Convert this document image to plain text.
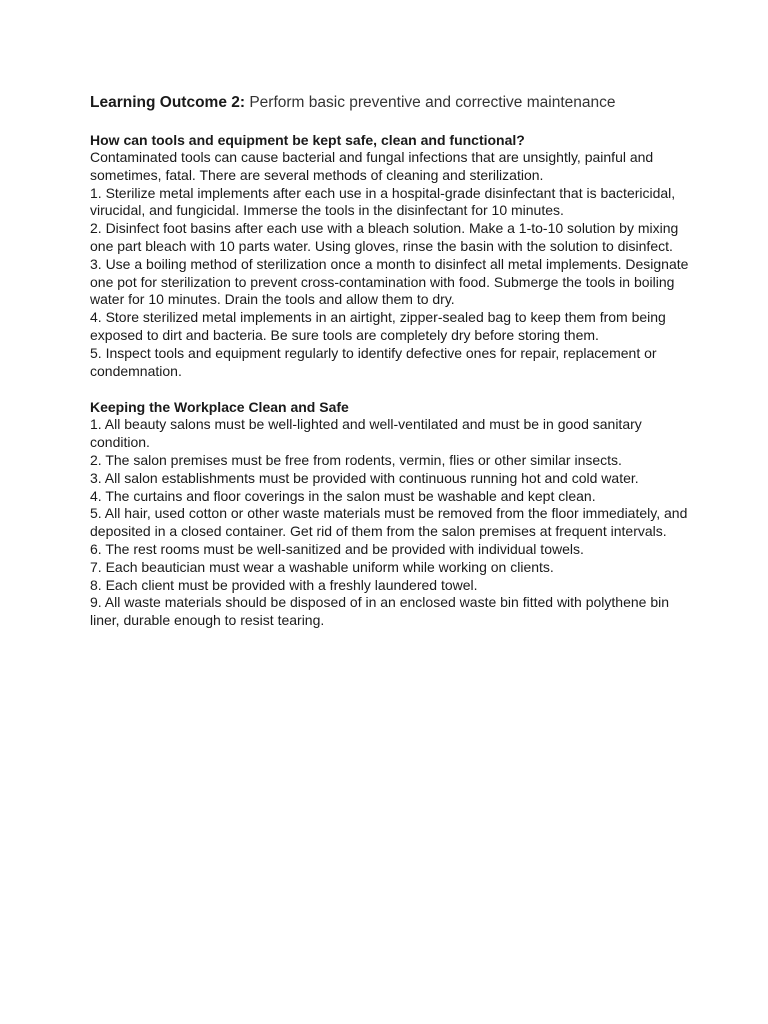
Learning Outcome 2: Perform basic preventive and corrective maintenance

How can tools and equipment be kept safe, clean and functional?

Contaminated tools can cause bacterial and fungal infections that are unsightly, painful and sometimes, fatal. There are several methods of cleaning and sterilization.

1. Sterilize metal implements after each use in a hospital-grade disinfectant that is bactericidal, virucidal, and fungicidal. Immerse the tools in the disinfectant for 10 minutes.

2. Disinfect foot basins after each use with a bleach solution. Make a 1-to-10 solution by mixing one part bleach with 10 parts water. Using gloves, rinse the basin with the solution to disinfect.

3. Use a boiling method of sterilization once a month to disinfect all metal implements. Designate one pot for sterilization to prevent cross-contamination with food. Submerge the tools in boiling water for 10 minutes. Drain the tools and allow them to dry.

4. Store sterilized metal implements in an airtight, zipper-sealed bag to keep them from being exposed to dirt and bacteria. Be sure tools are completely dry before storing them.

5. Inspect tools and equipment regularly to identify defective ones for repair, replacement or condemnation.

Keeping the Workplace Clean and Safe

1. All beauty salons must be well-lighted and well-ventilated and must be in good sanitary condition.

2. The salon premises must be free from rodents, vermin, flies or other similar insects.

3. All salon establishments must be provided with continuous running hot and cold water.

4. The curtains and floor coverings in the salon must be washable and kept clean.

5. All hair, used cotton or other waste materials must be removed from the floor immediately, and deposited in a closed container. Get rid of them from the salon premises at frequent intervals.

6. The rest rooms must be well-sanitized and be provided with individual towels.

7. Each beautician must wear a washable uniform while working on clients.

8. Each client must be provided with a freshly laundered towel.

9. All waste materials should be disposed of in an enclosed waste bin fitted with polythene bin liner, durable enough to resist tearing.
